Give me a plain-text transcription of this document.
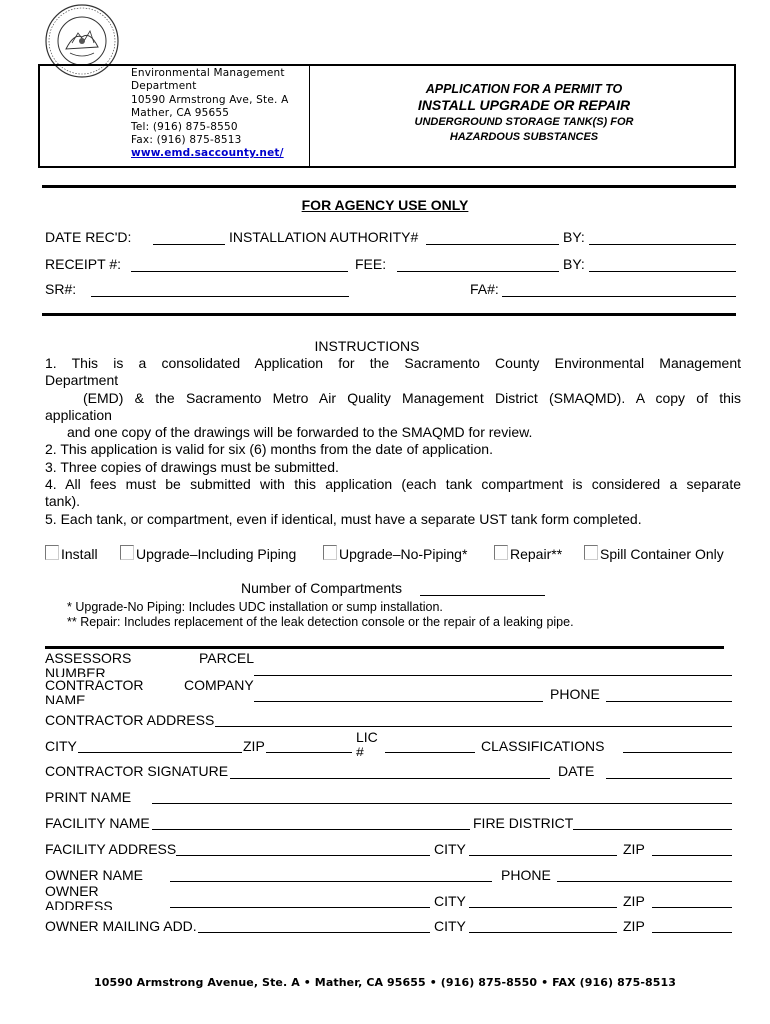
Environmental Management
Department
10590 Armstrong Ave, Ste. A
Mather, CA 95655
Tel: (916) 875-8550
Fax: (916) 875-8513
www.emd.saccounty.net/
APPLICATION FOR A PERMIT TO
INSTALL UPGRADE OR REPAIR
UNDERGROUND STORAGE TANK(S) FOR
HAZARDOUS SUBSTANCES
FOR AGENCY USE ONLY
DATE REC'D:	INSTALLATION AUTHORITY#	BY:
RECEIPT #:	FEE:	BY:
SR#:	FA#:
INSTRUCTIONS
1. This is a consolidated Application for the Sacramento County Environmental Management
Department
(EMD) & the Sacramento Metro Air Quality Management District (SMAQMD). A copy of this
application
and one copy of the drawings will be forwarded to the SMAQMD for review.
2. This application is valid for six (6) months from the date of application.
3. Three copies of drawings must be submitted.
4. All fees must be submitted with this application (each tank compartment is considered a separate
tank).
5. Each tank, or compartment, even if identical, must have a separate UST tank form completed.
Install	Upgrade–Including Piping	Upgrade–No-Piping*	Repair**	Spill Container Only
Number of Compartments
* Upgrade-No Piping: Includes UDC installation or sump installation.
** Repair: Includes replacement of the leak detection console or the repair of a leaking pipe.
ASSESSORS	PARCEL
NUMBER
CONTRACTOR	COMPANY
NAME	PHONE
CONTRACTOR ADDRESS
CITY	ZIP
LIC
#	CLASSIFICATIONS
CONTRACTOR SIGNATURE	DATE
PRINT NAME
FACILITY NAME	FIRE DISTRICT
FACILITY ADDRESS	CITY	ZIP
OWNER NAME	PHONE
OWNER
ADDRESS	CITY	ZIP
OWNER MAILING ADD.	CITY	ZIP
10590 Armstrong Avenue, Ste. A • Mather, CA 95655 • (916) 875-8550 • FAX (916) 875-8513
